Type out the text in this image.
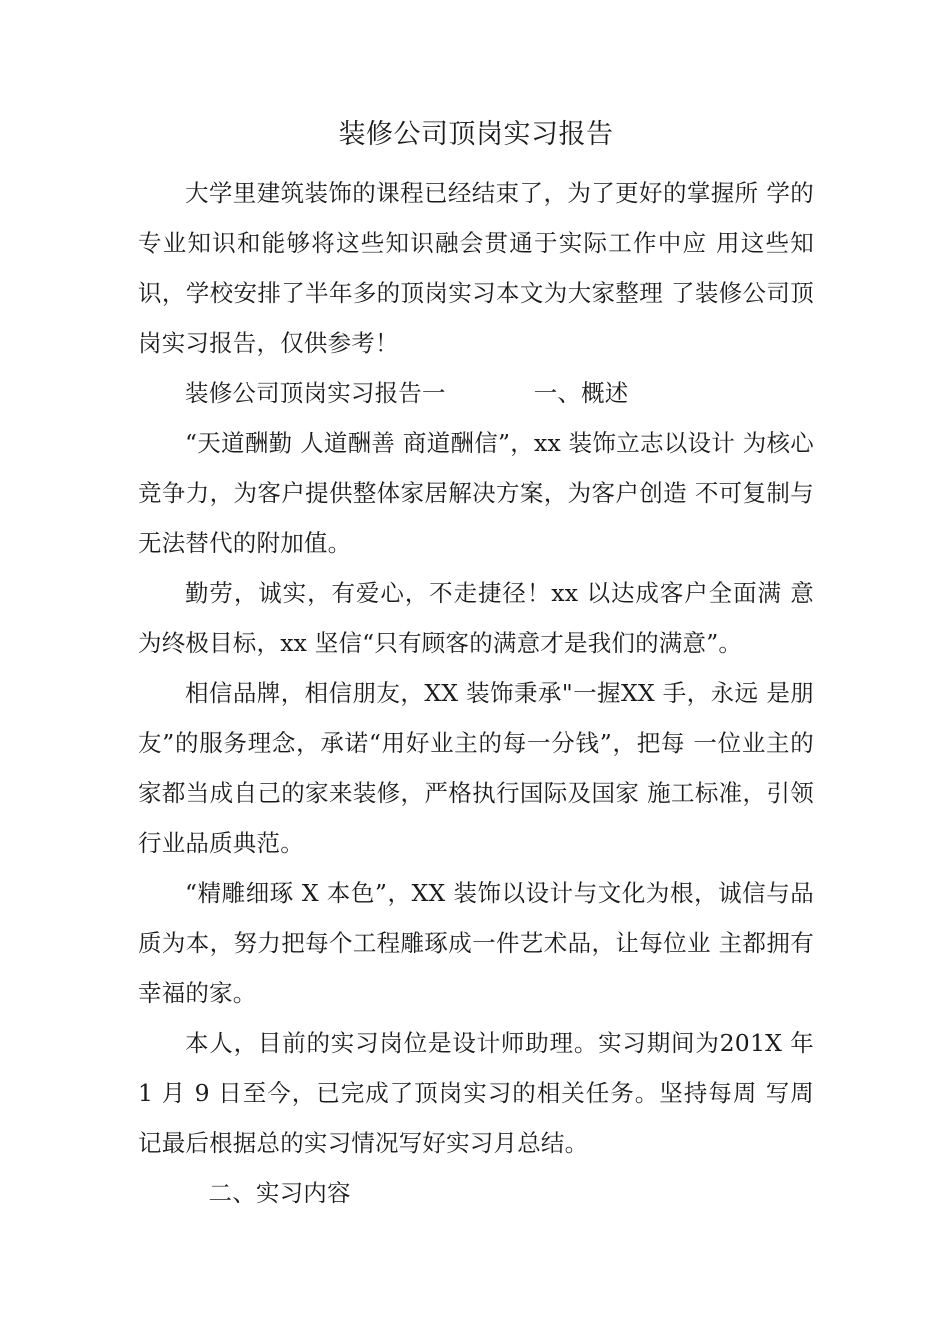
装修公司顶岗实习报告

大学里建筑装饰的课程已经结束了，为了更好的掌握所 学的专业知识和能够将这些知识融会贯通于实际工作中应 用这些知识，学校安排了半年多的顶岗实习本文为大家整理 了装修公司顶岗实习报告，仅供参考！

装修公司顶岗实习报告一	一、概述

“天道酬勤 人道酬善 商道酬信”，xx 装饰立志以设计 为核心竞争力，为客户提供整体家居解决方案，为客户创造 不可复制与无法替代的附加值。

勤劳，诚实，有爱心，不走捷径！xx 以达成客户全面满 意为终极目标，xx 坚信“只有顾客的满意才是我们的满意”。

相信品牌，相信朋友，XX 装饰秉承"一握XX 手，永远 是朋友”的服务理念，承诺“用好业主的每一分钱”，把每 一位业主的家都当成自己的家来装修，严格执行国际及国家 施工标准，引领行业品质典范。

“精雕细琢 X 本色”，XX 装饰以设计与文化为根，诚信与品质为本，努力把每个工程雕琢成一件艺术品，让每位业 主都拥有幸福的家。

本人，目前的实习岗位是设计师助理。实习期间为201X 年1 月 9 日至今，已完成了顶岗实习的相关任务。坚持每周 写周记最后根据总的实习情况写好实习月总结。

二、实习内容
